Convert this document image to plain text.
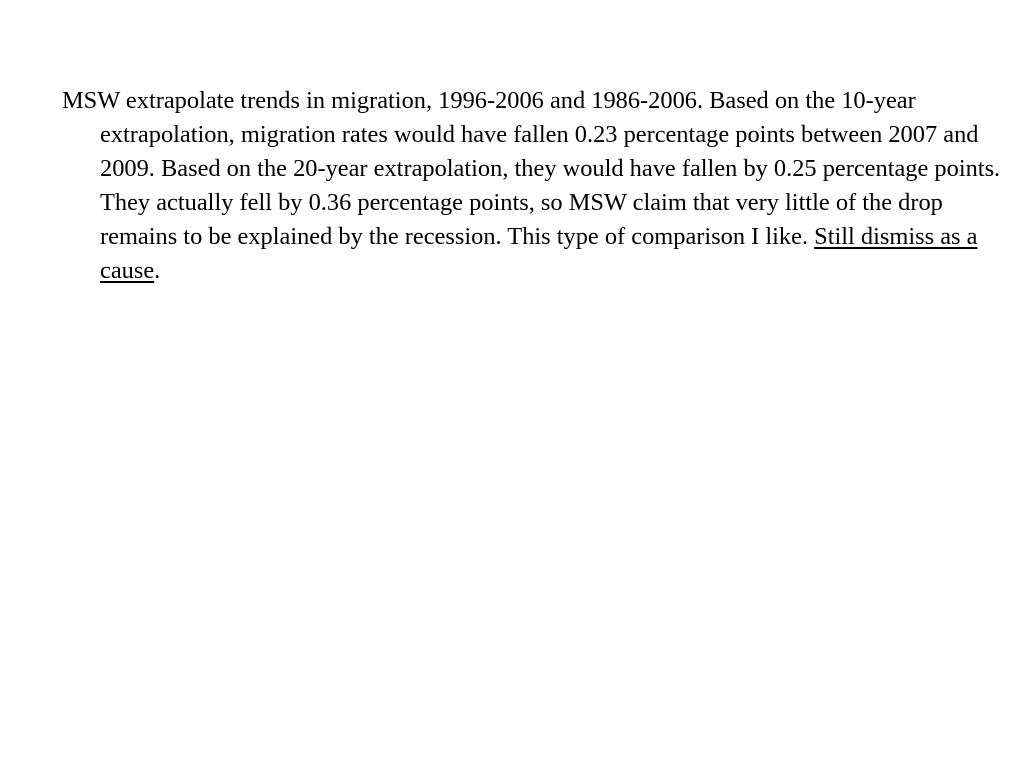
MSW extrapolate trends in migration, 1996-2006 and 1986-2006. Based on the 10-year extrapolation, migration rates would have fallen 0.23 percentage points between 2007 and 2009. Based on the 20-year extrapolation, they would have fallen by 0.25 percentage points. They actually fell by 0.36 percentage points, so MSW claim that very little of the drop remains to be explained by the recession. This type of comparison I like. Still dismiss as a cause.
